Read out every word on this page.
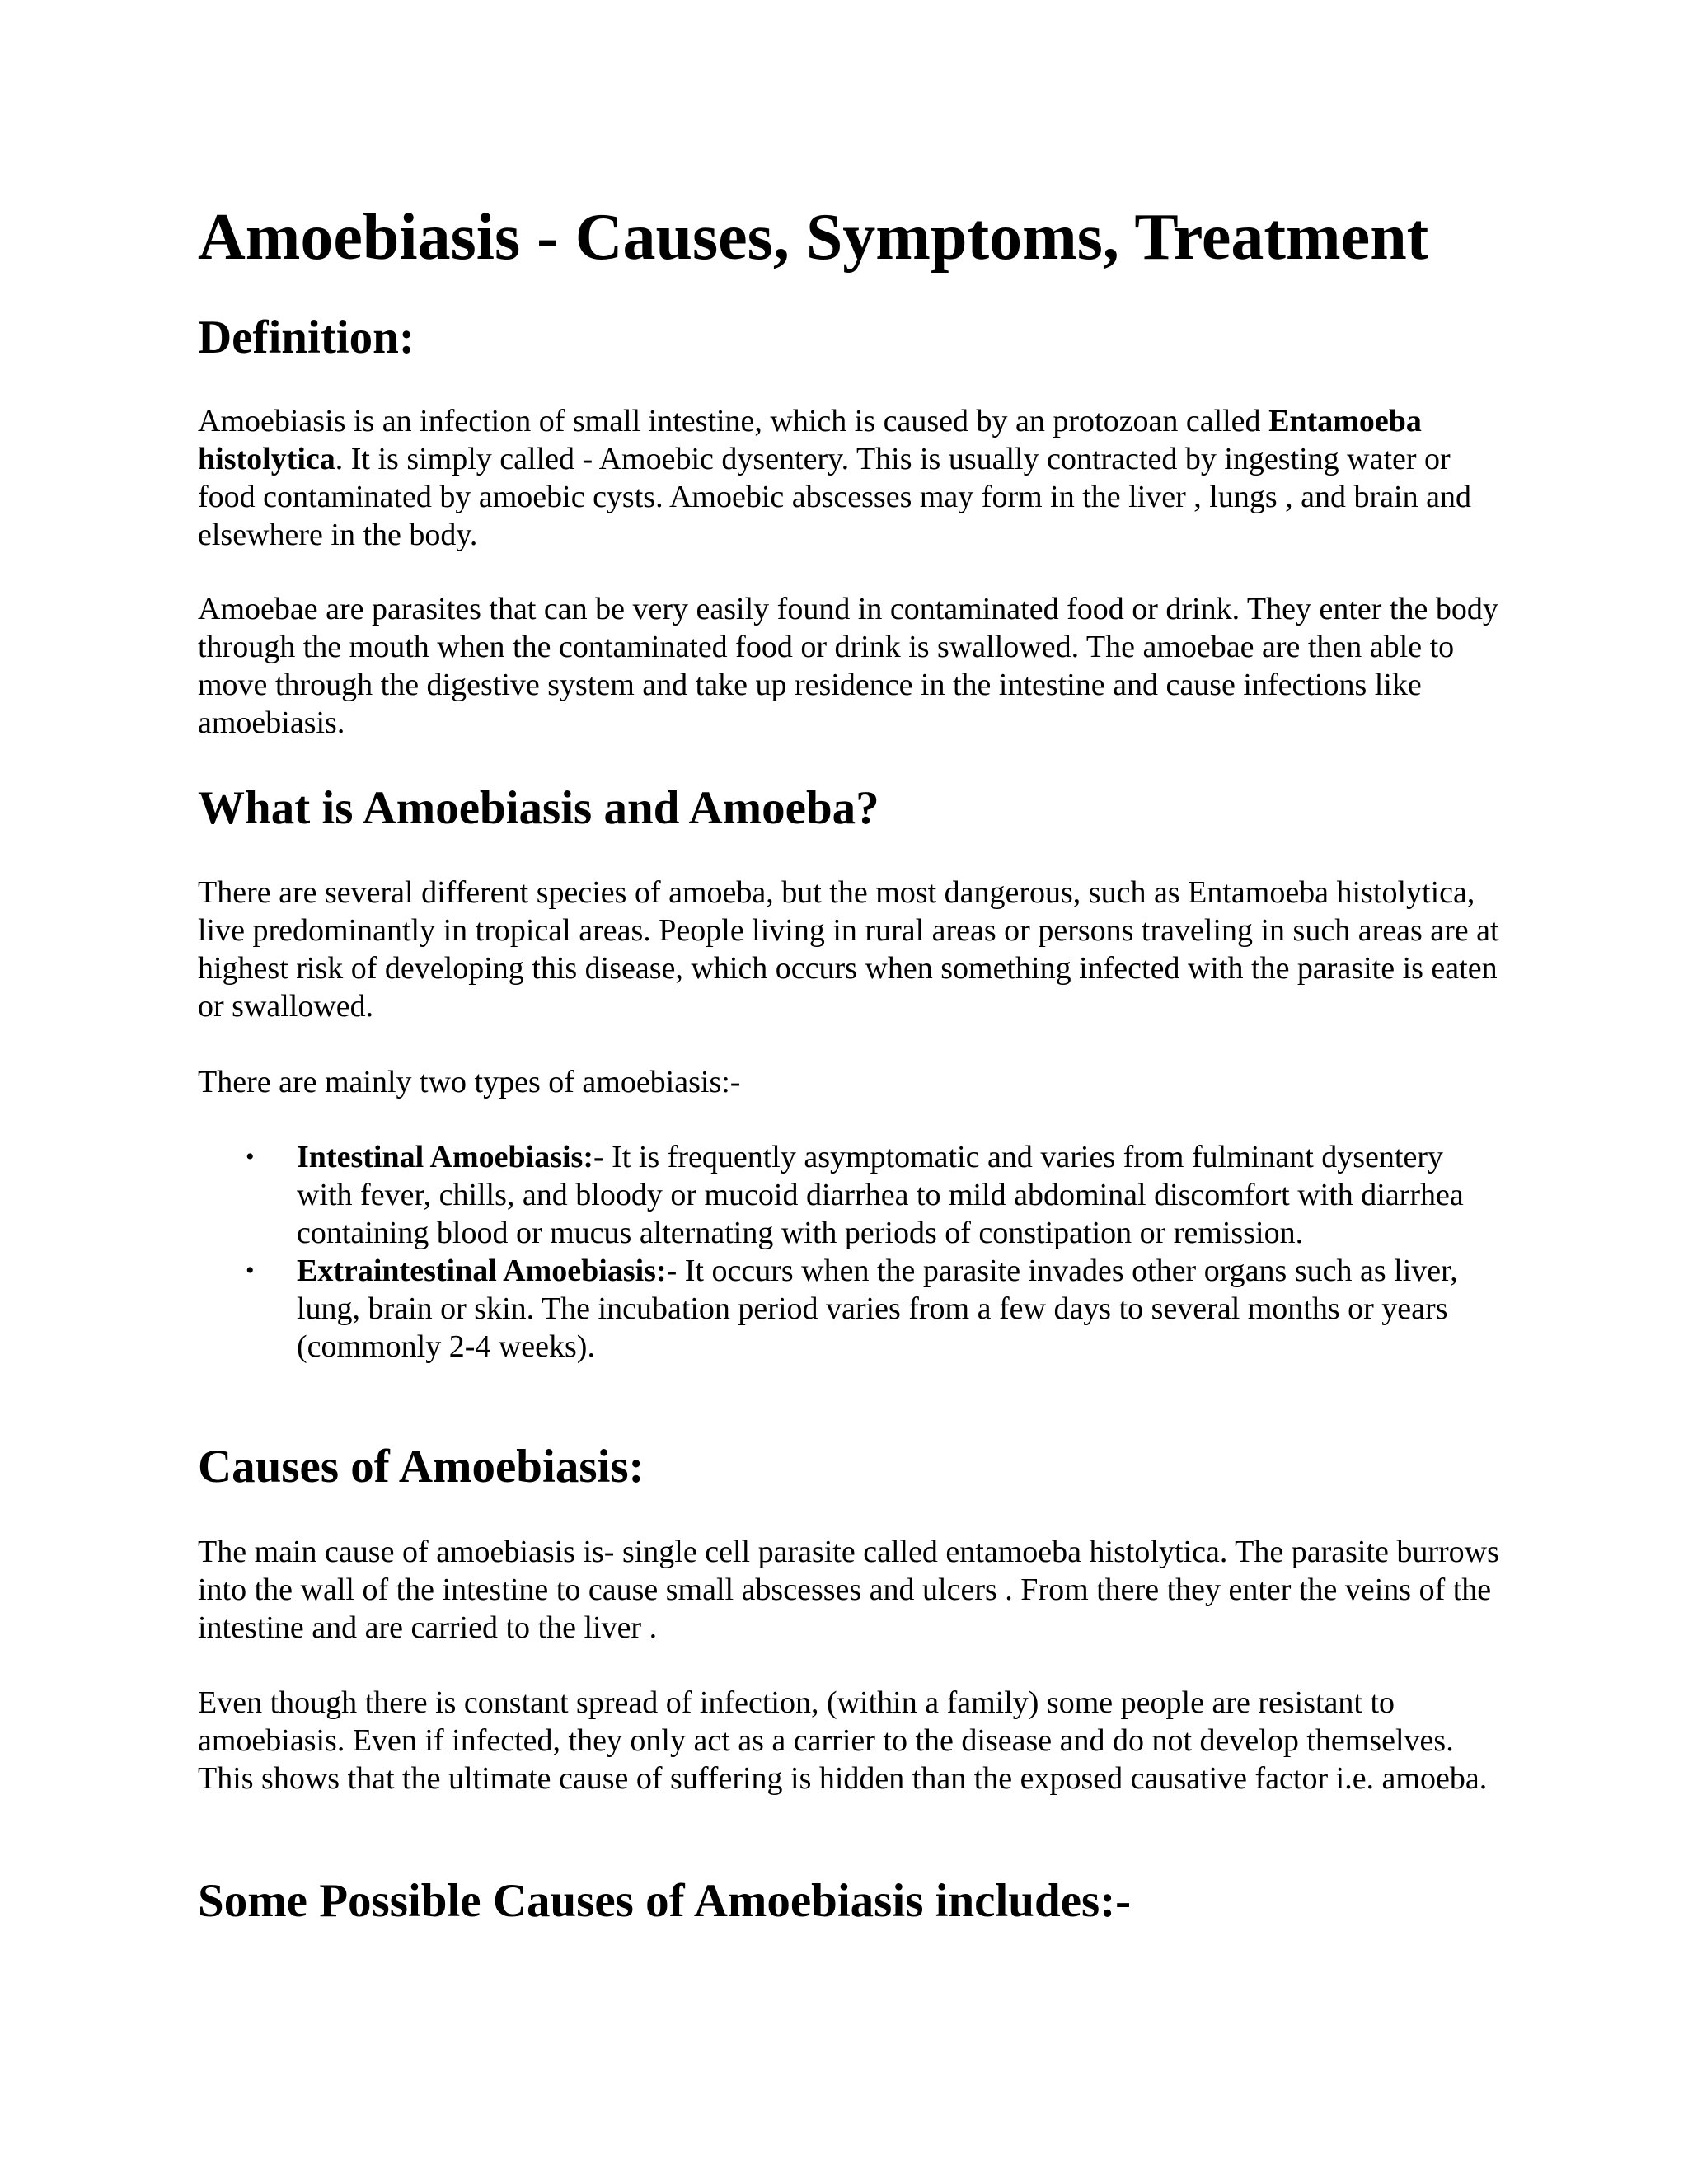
Amoebiasis - Causes, Symptoms, Treatment
Definition:

Amoebiasis is an infection of small intestine, which is caused by an protozoan called Entamoeba histolytica. It is simply called - Amoebic dysentery. This is usually contracted by ingesting water or food contaminated by amoebic cysts. Amoebic abscesses may form in the liver , lungs , and brain and elsewhere in the body.

Amoebae are parasites that can be very easily found in contaminated food or drink. They enter the body through the mouth when the contaminated food or drink is swallowed. The amoebae are then able to move through the digestive system and take up residence in the intestine and cause infections like amoebiasis.

What is Amoebiasis and Amoeba?

There are several different species of amoeba, but the most dangerous, such as Entamoeba histolytica, live predominantly in tropical areas. People living in rural areas or persons traveling in such areas are at highest risk of developing this disease, which occurs when something infected with the parasite is eaten or swallowed.

There are mainly two types of amoebiasis:-

• Intestinal Amoebiasis:- It is frequently asymptomatic and varies from fulminant dysentery with fever, chills, and bloody or mucoid diarrhea to mild abdominal discomfort with diarrhea containing blood or mucus alternating with periods of constipation or remission.
• Extraintestinal Amoebiasis:- It occurs when the parasite invades other organs such as liver, lung, brain or skin. The incubation period varies from a few days to several months or years (commonly 2-4 weeks).
Causes of Amoebiasis:

The main cause of amoebiasis is- single cell parasite called entamoeba histolytica. The parasite burrows into the wall of the intestine to cause small abscesses and ulcers . From there they enter the veins of the intestine and are carried to the liver .

Even though there is constant spread of infection, (within a family) some people are resistant to amoebiasis. Even if infected, they only act as a carrier to the disease and do not develop themselves. This shows that the ultimate cause of suffering is hidden than the exposed causative factor i.e. amoeba.

Some Possible Causes of Amoebiasis includes:-
